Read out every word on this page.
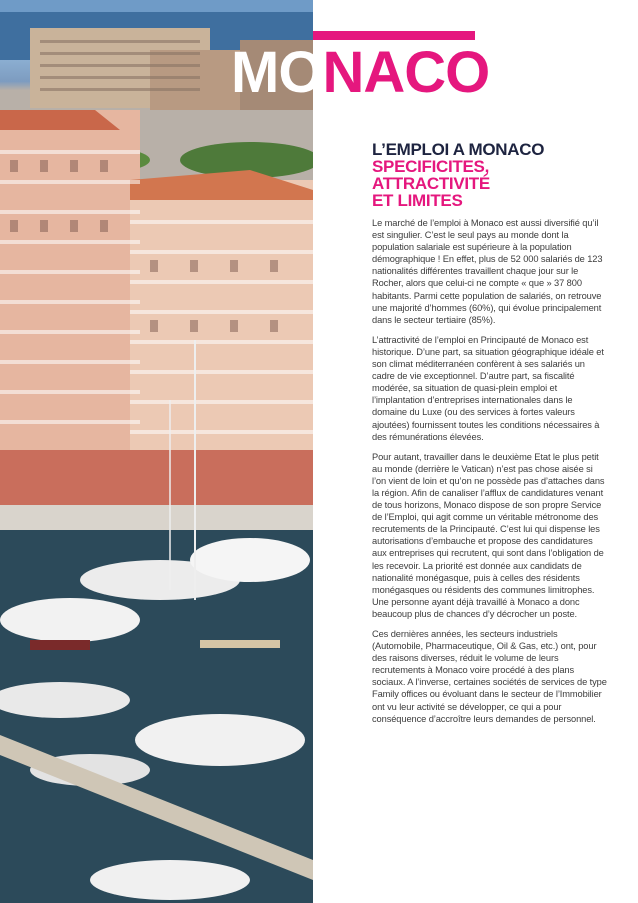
MONACO
L’EMPLOI A MONACO
SPECIFICITES,
ATTRACTIVITÉ
ET LIMITES

Le marché de l’emploi à Monaco est aussi diversifié qu’il est singulier. C’est le seul pays au monde dont la population salariale est supérieure à la population démographique ! En effet, plus de 52 000 salariés de 123 nationalités différentes travaillent chaque jour sur le Rocher, alors que celui-ci ne compte « que » 37 800 habitants. Parmi cette population de salariés, on retrouve une majorité d’hommes (60%), qui évolue principalement dans le secteur tertiaire (85%).

L’attractivité de l’emploi en Principauté de Monaco est historique. D’une part, sa situation géographique idéale et son climat méditerranéen confèrent à ses salariés un cadre de vie exceptionnel. D’autre part, sa fiscalité modérée, sa situation de quasi-plein emploi et l’implantation d’entreprises internationales dans le domaine du Luxe (ou des services à fortes valeurs ajoutées) fournissent toutes les conditions nécessaires à des rémunérations élevées.

Pour autant, travailler dans le deuxième Etat le plus petit au monde (derrière le Vatican) n’est pas chose aisée si l’on vient de loin et qu’on ne possède pas d’attaches dans la région. Afin de canaliser l’afflux de candidatures venant de tous horizons, Monaco dispose de son propre Service de l’Emploi, qui agit comme un véritable métronome des recrutements de la Principauté. C’est lui qui dispense les autorisations d’embauche et propose des candidatures aux entreprises qui recrutent, qui sont dans l’obligation de les recevoir. La priorité est donnée aux candidats de nationalité monégasque, puis à celles des résidents monégasques ou résidents des communes limitrophes. Une personne ayant déjà travaillé à Monaco a donc beaucoup plus de chances d’y décrocher un poste.

Ces dernières années, les secteurs industriels (Automobile, Pharmaceutique, Oil & Gas, etc.) ont, pour des raisons diverses, réduit le volume de leurs recrutements à Monaco voire procédé à des plans sociaux. A l’inverse, certaines sociétés de services de type Family offices ou évoluant dans le secteur de l’Immobilier ont vu leur activité se développer, ce qui a pour conséquence d’accroître leurs demandes de personnel.
